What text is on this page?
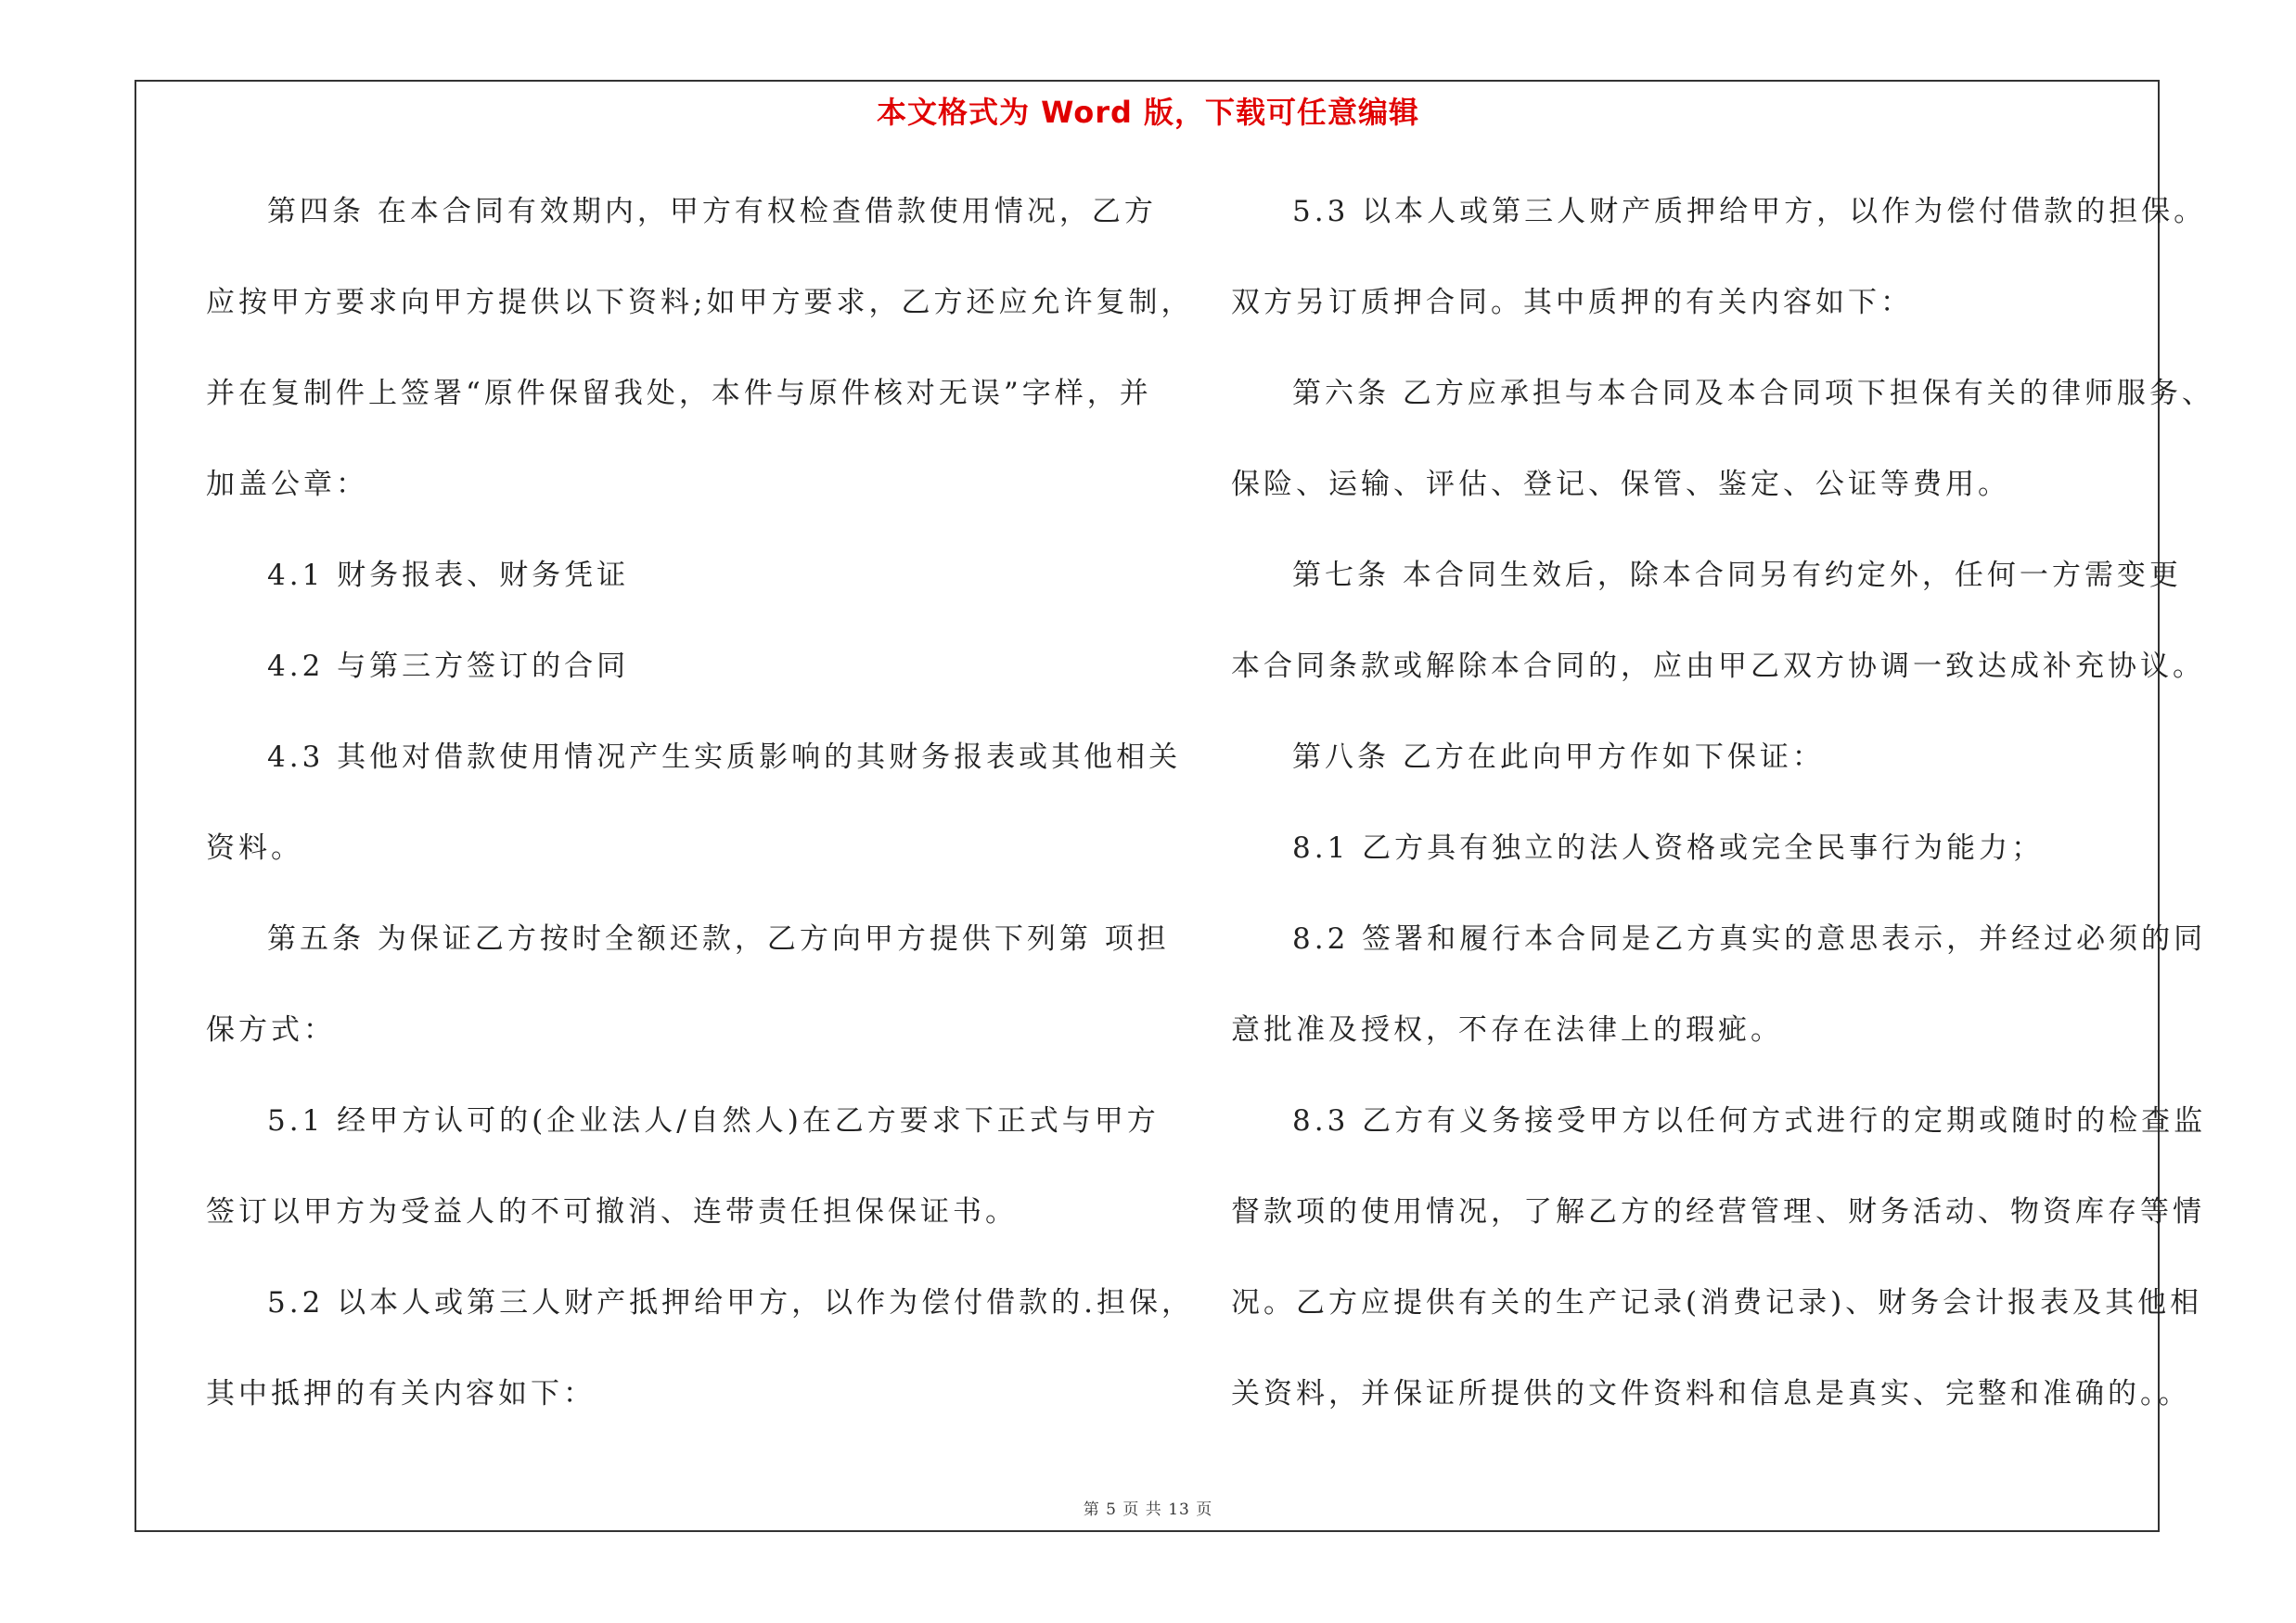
本文格式为 Word 版，下载可任意编辑
第四条 在本合同有效期内，甲方有权检查借款使用情况，乙方
应按甲方要求向甲方提供以下资料;如甲方要求，乙方还应允许复制，
并在复制件上签署“原件保留我处，本件与原件核对无误”字样，并
加盖公章：
4.1 财务报表、财务凭证
4.2 与第三方签订的合同
4.3 其他对借款使用情况产生实质影响的其财务报表或其他相关
资料。
第五条 为保证乙方按时全额还款，乙方向甲方提供下列第 项担
保方式：
5.1 经甲方认可的(企业法人/自然人)在乙方要求下正式与甲方
签订以甲方为受益人的不可撤消、连带责任担保保证书。
5.2 以本人或第三人财产抵押给甲方，以作为偿付借款的.担保，
其中抵押的有关内容如下：
5.3 以本人或第三人财产质押给甲方，以作为偿付借款的担保。
双方另订质押合同。其中质押的有关内容如下：
第六条 乙方应承担与本合同及本合同项下担保有关的律师服务、
保险、运输、评估、登记、保管、鉴定、公证等费用。
第七条 本合同生效后，除本合同另有约定外，任何一方需变更
本合同条款或解除本合同的，应由甲乙双方协调一致达成补充协议。
第八条 乙方在此向甲方作如下保证：
8.1 乙方具有独立的法人资格或完全民事行为能力；
8.2 签署和履行本合同是乙方真实的意思表示，并经过必须的同
意批准及授权，不存在法律上的瑕疵。
8.3 乙方有义务接受甲方以任何方式进行的定期或随时的检查监
督款项的使用情况，了解乙方的经营管理、财务活动、物资库存等情
况。乙方应提供有关的生产记录(消费记录)、财务会计报表及其他相
关资料，并保证所提供的文件资料和信息是真实、完整和准确的。。
第 5 页 共 13 页
